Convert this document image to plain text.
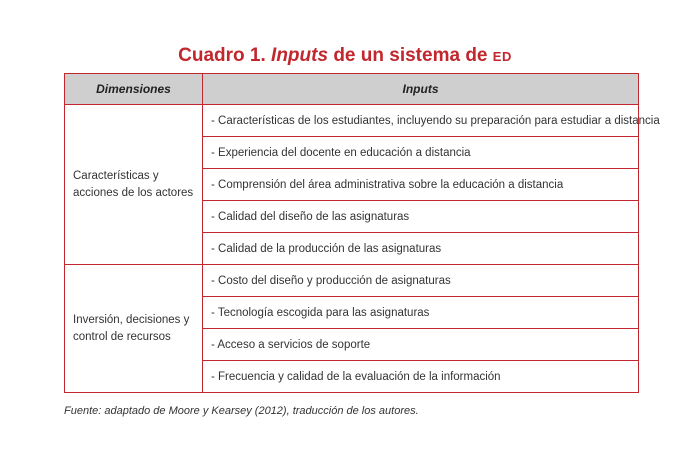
Cuadro 1. Inputs de un sistema de ED
Dimensiones	Inputs
Características y acciones de los actores	- Características de los estudiantes, incluyendo su preparación para estudiar a distancia
	- Experiencia del docente en educación a distancia
	- Comprensión del área administrativa sobre la educación a distancia
	- Calidad del diseño de las asignaturas
	- Calidad de la producción de las asignaturas
Inversión, decisiones y control de recursos	- Costo del diseño y producción de asignaturas
	- Tecnología escogida para las asignaturas
	- Acceso a servicios de soporte
	- Frecuencia y calidad de la evaluación de la información
Fuente: adaptado de Moore y Kearsey (2012), traducción de los autores.
